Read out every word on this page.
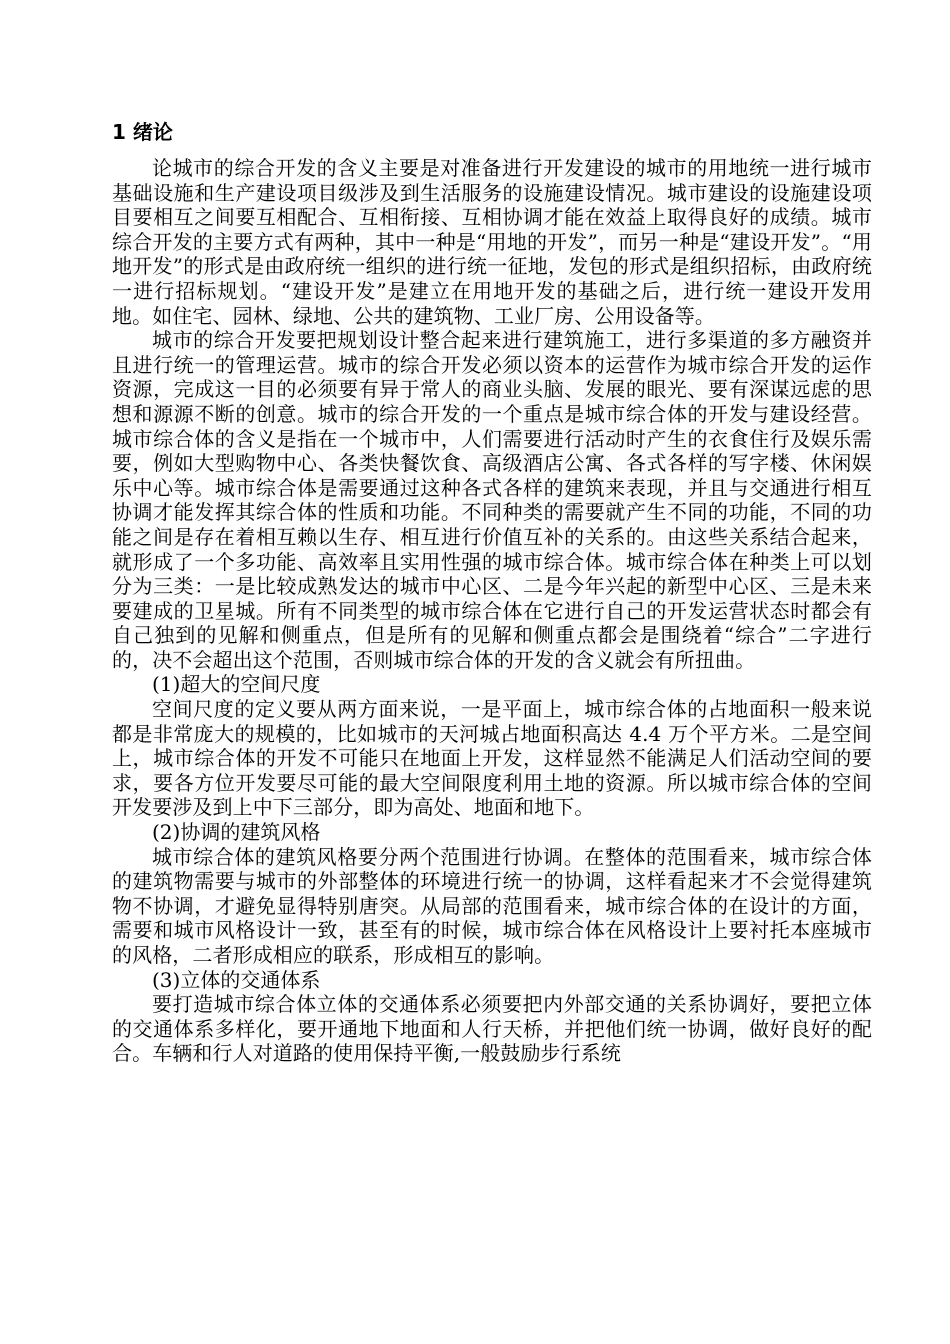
1 绪论

论城市的综合开发的含义主要是对准备进行开发建设的城市的用地统一进行城市基础设施和生产建设项目级涉及到生活服务的设施建设情况。城市建设的设施建设项目要相互之间要互相配合、互相衔接、互相协调才能在效益上取得良好的成绩。城市综合开发的主要方式有两种，其中一种是“用地的开发”，而另一种是“建设开发”。“用地开发”的形式是由政府统一组织的进行统一征地，发包的形式是组织招标，由政府统一进行招标规划。“建设开发”是建立在用地开发的基础之后，进行统一建设开发用地。如住宅、园林、绿地、公共的建筑物、工业厂房、公用设备等。

城市的综合开发要把规划设计整合起来进行建筑施工，进行多渠道的多方融资并且进行统一的管理运营。城市的综合开发必须以资本的运营作为城市综合开发的运作资源，完成这一目的必须要有异于常人的商业头脑、发展的眼光、要有深谋远虑的思想和源源不断的创意。城市的综合开发的一个重点是城市综合体的开发与建设经营。城市综合体的含义是指在一个城市中，人们需要进行活动时产生的衣食住行及娱乐需要，例如大型购物中心、各类快餐饮食、高级酒店公寓、各式各样的写字楼、休闲娱乐中心等。城市综合体是需要通过这种各式各样的建筑来表现，并且与交通进行相互协调才能发挥其综合体的性质和功能。不同种类的需要就产生不同的功能，不同的功能之间是存在着相互赖以生存、相互进行价值互补的关系的。由这些关系结合起来，就形成了一个多功能、高效率且实用性强的城市综合体。城市综合体在种类上可以划分为三类：一是比较成熟发达的城市中心区、二是今年兴起的新型中心区、三是未来要建成的卫星城。所有不同类型的城市综合体在它进行自己的开发运营状态时都会有自己独到的见解和侧重点，但是所有的见解和侧重点都会是围绕着“综合”二字进行的，决不会超出这个范围，否则城市综合体的开发的含义就会有所扭曲。

(1)超大的空间尺度

空间尺度的定义要从两方面来说，一是平面上，城市综合体的占地面积一般来说都是非常庞大的规模的，比如城市的天河城占地面积高达 4.4 万个平方米。二是空间上，城市综合体的开发不可能只在地面上开发，这样显然不能满足人们活动空间的要求，要各方位开发要尽可能的最大空间限度利用土地的资源。所以城市综合体的空间开发要涉及到上中下三部分，即为高处、地面和地下。

(2)协调的建筑风格

城市综合体的建筑风格要分两个范围进行协调。在整体的范围看来，城市综合体的建筑物需要与城市的外部整体的环境进行统一的协调，这样看起来才不会觉得建筑物不协调，才避免显得特别唐突。从局部的范围看来，城市综合体的在设计的方面，需要和城市风格设计一致，甚至有的时候，城市综合体在风格设计上要衬托本座城市的风格，二者形成相应的联系，形成相互的影响。

(3)立体的交通体系

要打造城市综合体立体的交通体系必须要把内外部交通的关系协调好，要把立体的交通体系多样化，要开通地下地面和人行天桥，并把他们统一协调，做好良好的配合。车辆和行人对道路的使用保持平衡,一般鼓励步行系统
